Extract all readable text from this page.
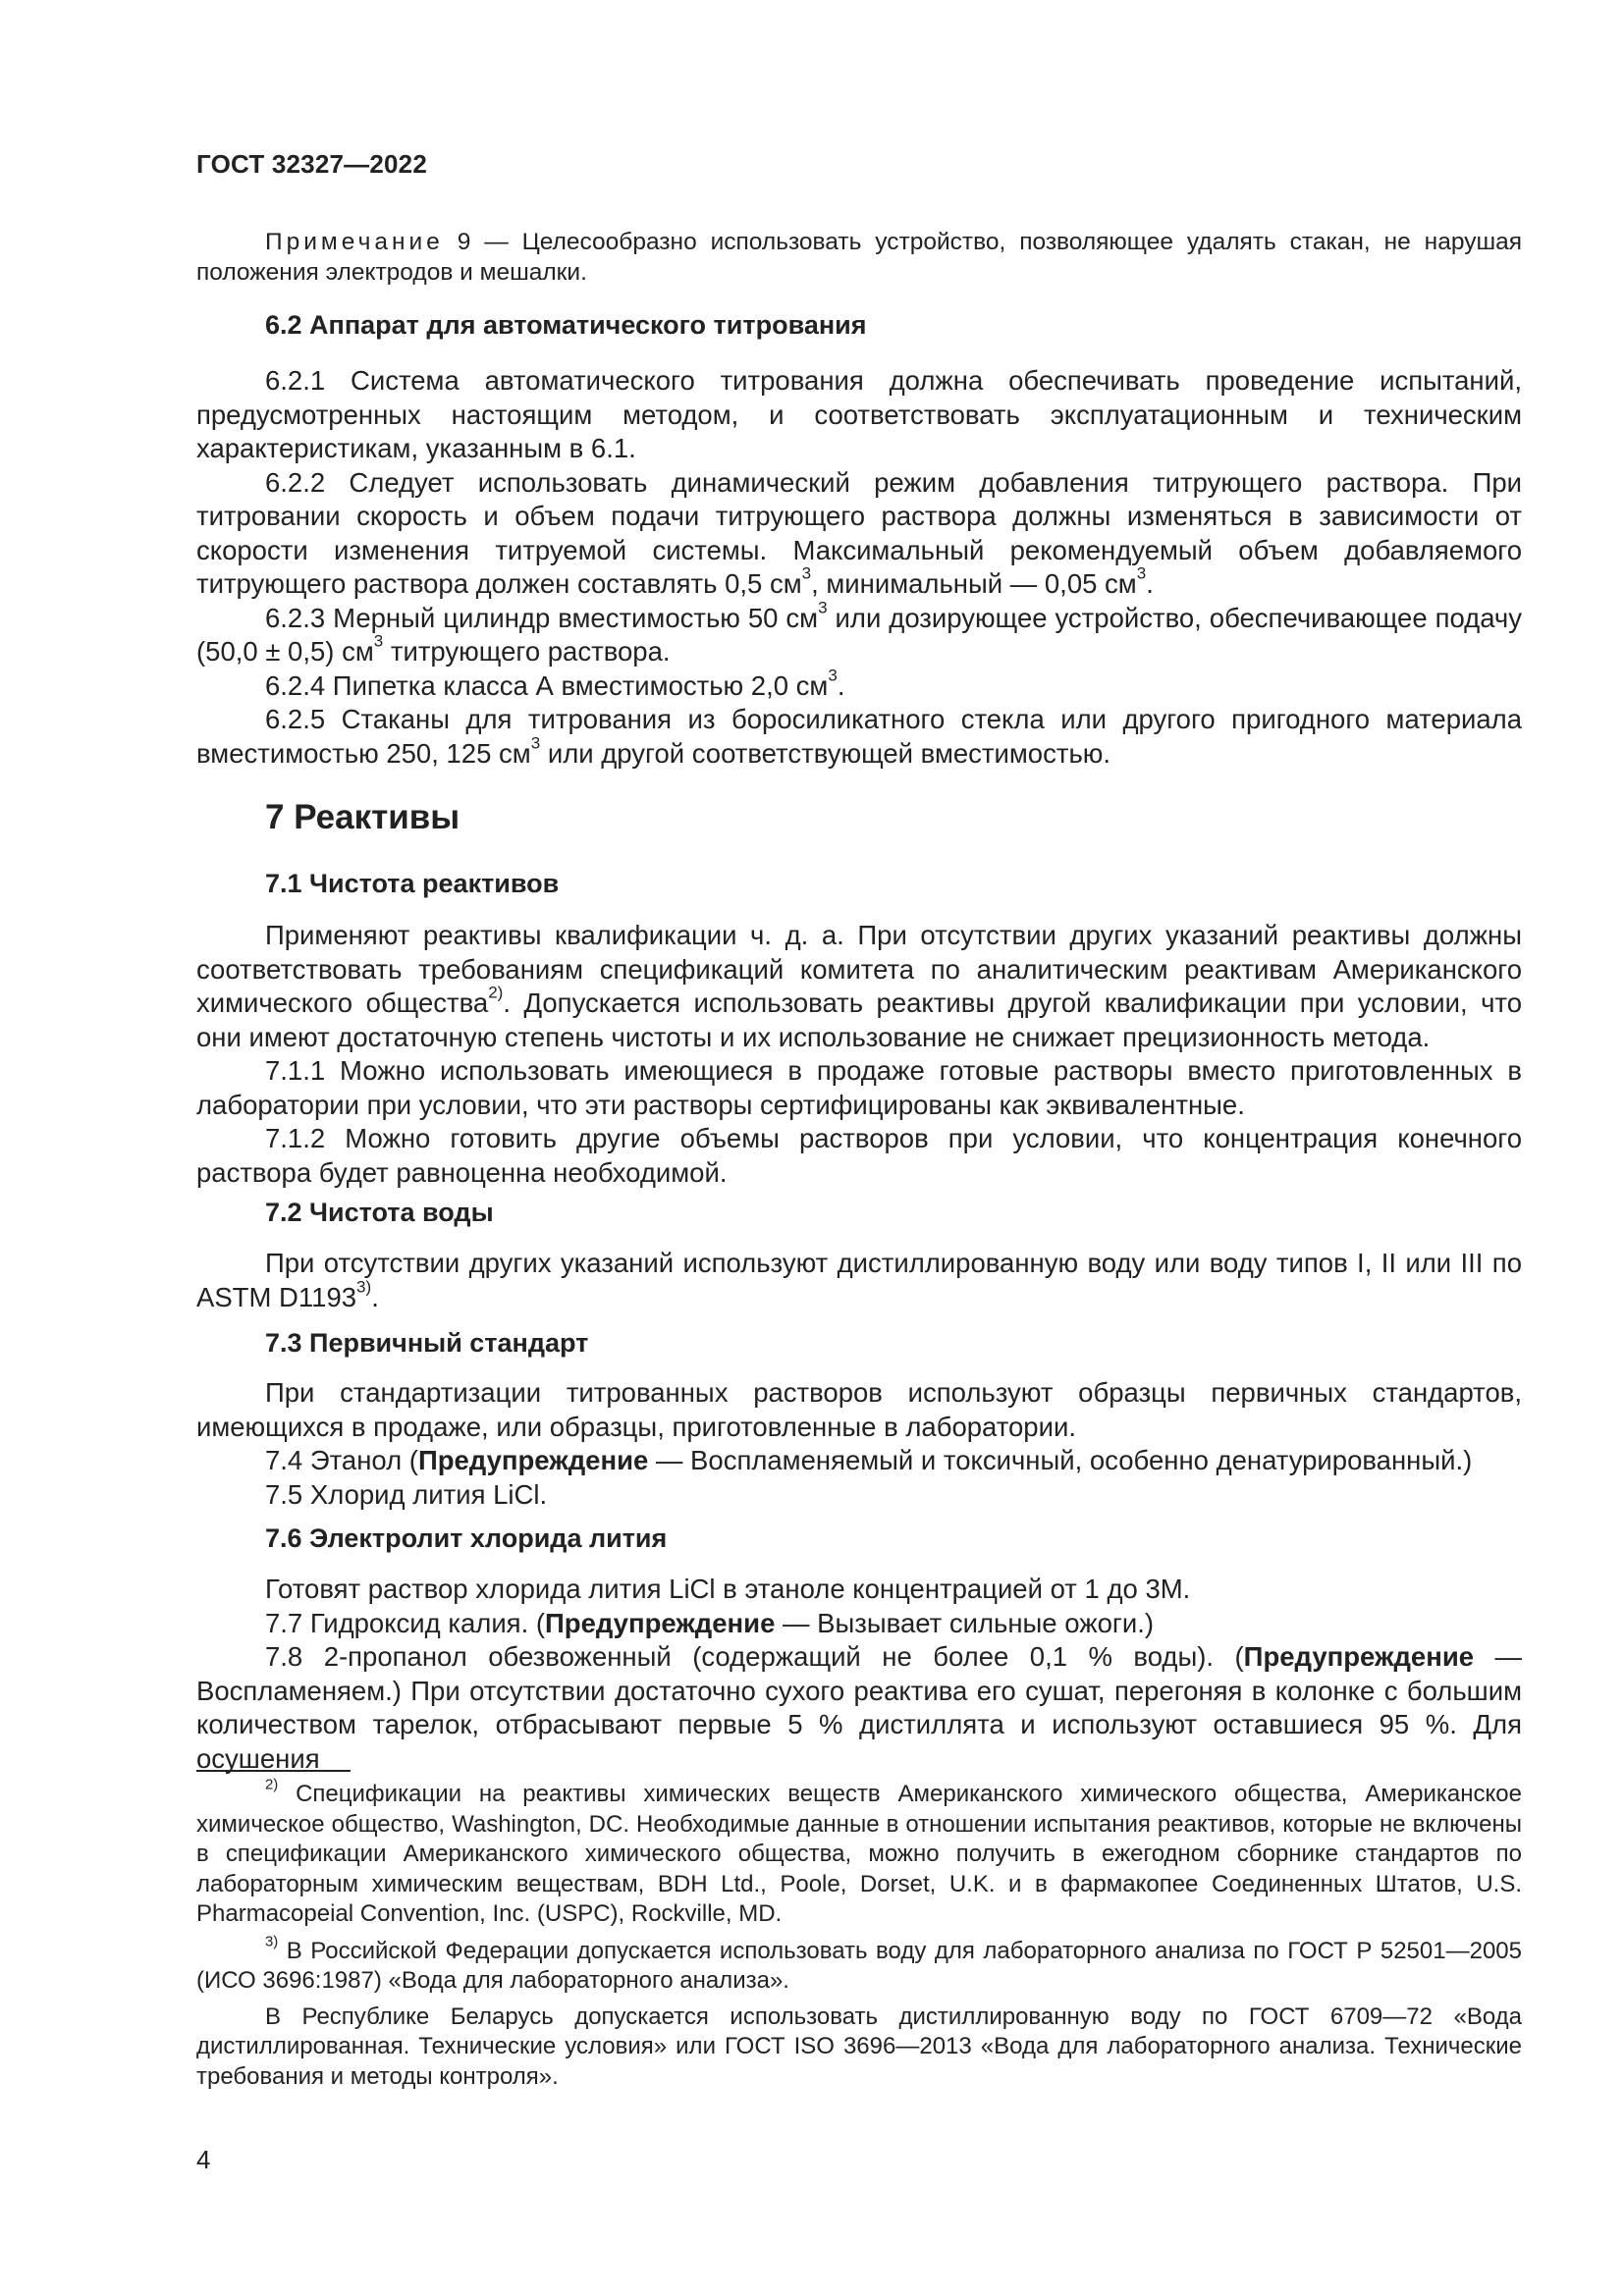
ГОСТ 32327—2022

Примечание 9 — Целесообразно использовать устройство, позволяющее удалять стакан, не нарушая положения электродов и мешалки.

6.2 Аппарат для автоматического титрования

6.2.1 Система автоматического титрования должна обеспечивать проведение испытаний, предусмотренных настоящим методом, и соответствовать эксплуатационным и техническим характеристикам, указанным в 6.1.

6.2.2 Следует использовать динамический режим добавления титрующего раствора. При титровании скорость и объем подачи титрующего раствора должны изменяться в зависимости от скорости изменения титруемой системы. Максимальный рекомендуемый объем добавляемого титрующего раствора должен составлять 0,5 $см^3$, минимальный — 0,05 $см^3$.

6.2.3 Мерный цилиндр вместимостью 50 $см^3$ или дозирующее устройство, обеспечивающее подачу (50,0 ± 0,5) $см^3$ титрующего раствора.

6.2.4 Пипетка класса А вместимостью 2,0 $см^3$.

6.2.5 Стаканы для титрования из боросиликатного стекла или другого пригодного материала вместимостью 250, 125 $см^3$ или другой соответствующей вместимостью.

7 Реактивы
7.1 Чистота реактивов

Применяют реактивы квалификации ч. д. а. При отсутствии других указаний реактивы должны соответствовать требованиям спецификаций комитета по аналитическим реактивам Американского химического общества$^{2)}$. Допускается использовать реактивы другой квалификации при условии, что они имеют достаточную степень чистоты и их использование не снижает прецизионность метода.

7.1.1 Можно использовать имеющиеся в продаже готовые растворы вместо приготовленных в лаборатории при условии, что эти растворы сертифицированы как эквивалентные.

7.1.2 Можно готовить другие объемы растворов при условии, что концентрация конечного раствора будет равноценна необходимой.

7.2 Чистота воды

При отсутствии других указаний используют дистиллированную воду или воду типов I, II или III по ASTM D1193$^{3)}$.

7.3 Первичный стандарт

При стандартизации титрованных растворов используют образцы первичных стандартов, имеющихся в продаже, или образцы, приготовленные в лаборатории.

7.4 Этанол (Предупреждение — Воспламеняемый и токсичный, особенно денатурированный.)

7.5 Хлорид лития LiCl.

7.6 Электролит хлорида лития

Готовят раствор хлорида лития LiCl в этаноле концентрацией от 1 до 3М.

7.7 Гидроксид калия. (Предупреждение — Вызывает сильные ожоги.)

7.8 2-пропанол обезвоженный (содержащий не более 0,1 % воды). (Предупреждение — Воспламеняем.) При отсутствии достаточно сухого реактива его сушат, перегоняя в колонке с большим количеством тарелок, отбрасывают первые 5 % дистиллята и используют оставшиеся 95 %. Для осушения

$^{2)}$ Спецификации на реактивы химических веществ Американского химического общества, Американское химическое общество, Washington, DC. Необходимые данные в отношении испытания реактивов, которые не включены в спецификации Американского химического общества, можно получить в ежегодном сборнике стандартов по лабораторным химическим веществам, BDH Ltd., Poole, Dorset, U.K. и в фармакопее Соединенных Штатов, U.S. Pharmacopeial Convention, Inc. (USPC), Rockville, MD.

$^{3)}$ В Российской Федерации допускается использовать воду для лабораторного анализа по ГОСТ Р 52501—2005 (ИСО 3696:1987) «Вода для лабораторного анализа».

В Республике Беларусь допускается использовать дистиллированную воду по ГОСТ 6709—72 «Вода дистиллированная. Технические условия» или ГОСТ ISO 3696—2013 «Вода для лабораторного анализа. Технические требования и методы контроля».

4
